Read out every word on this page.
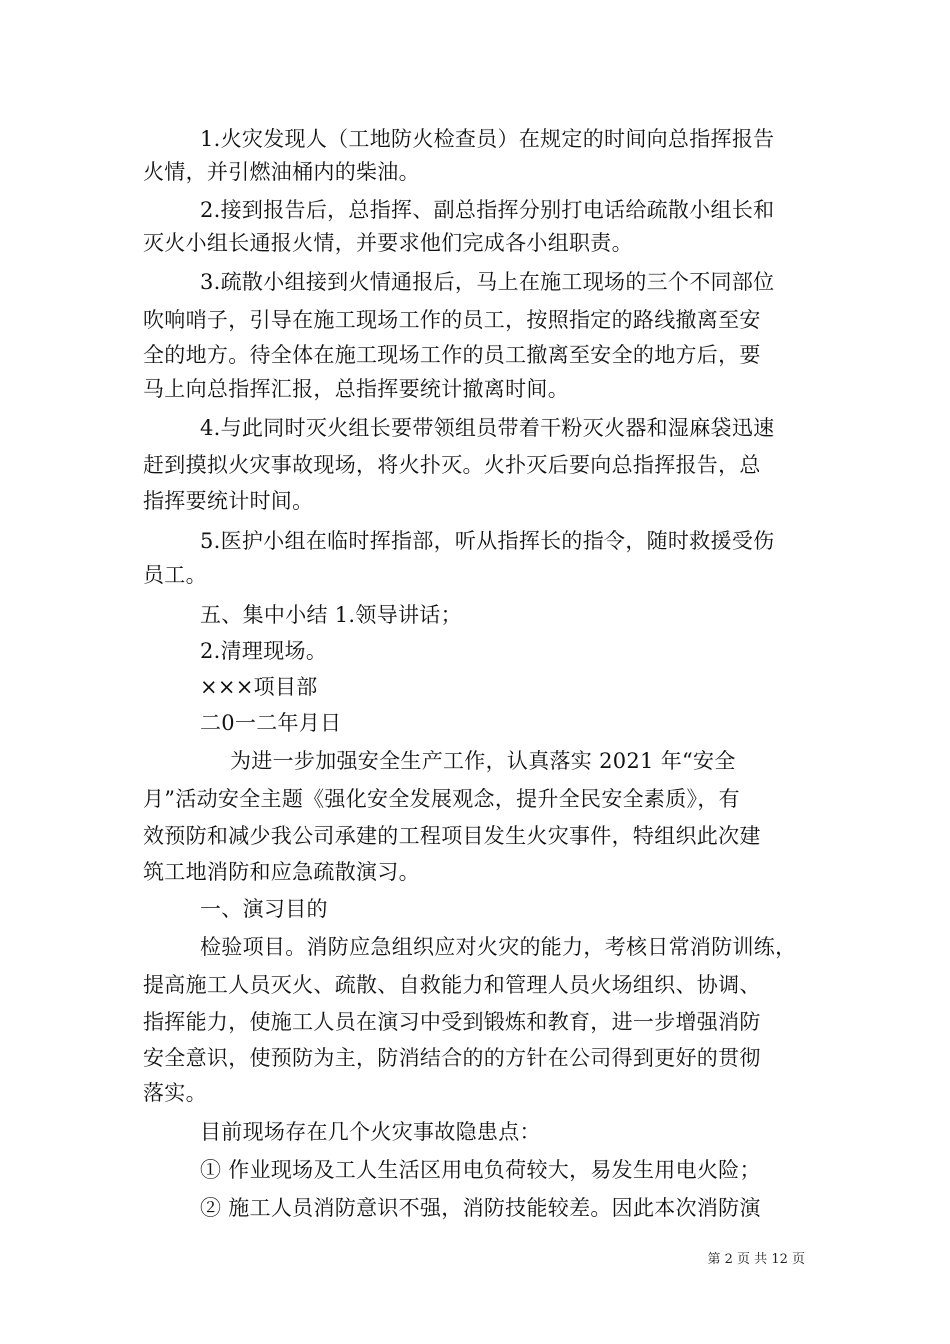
1.火灾发现人（工地防火检查员）在规定的时间向总指挥报告
火情，并引燃油桶内的柴油。
2.接到报告后，总指挥、副总指挥分别打电话给疏散小组长和
灭火小组长通报火情，并要求他们完成各小组职责。
3.疏散小组接到火情通报后，马上在施工现场的三个不同部位
吹响哨子，引导在施工现场工作的员工，按照指定的路线撤离至安
全的地方。待全体在施工现场工作的员工撤离至安全的地方后，要
马上向总指挥汇报，总指挥要统计撤离时间。
4.与此同时灭火组长要带领组员带着干粉灭火器和湿麻袋迅速
赶到摸拟火灾事故现场，将火扑灭。火扑灭后要向总指挥报告，总
指挥要统计时间。
5.医护小组在临时挥指部，听从指挥长的指令，随时救援受伤
员工。
五、集中小结 1.领导讲话；
2.清理现场。
×××项目部
二0一二年月日
为进一步加强安全生产工作，认真落实 2021 年“安全
月”活动安全主题《强化安全发展观念，提升全民安全素质》，有
效预防和减少我公司承建的工程项目发生火灾事件，特组织此次建
筑工地消防和应急疏散演习。
一、演习目的
检验项目。消防应急组织应对火灾的能力，考核日常消防训练，
提高施工人员灭火、疏散、自救能力和管理人员火场组织、协调、
指挥能力，使施工人员在演习中受到锻炼和教育，进一步增强消防
安全意识，使预防为主，防消结合的的方针在公司得到更好的贯彻
落实。
目前现场存在几个火灾事故隐患点：
① 作业现场及工人生活区用电负荷较大，易发生用电火险；
② 施工人员消防意识不强，消防技能较差。因此本次消防演
第 2 页 共 12 页
